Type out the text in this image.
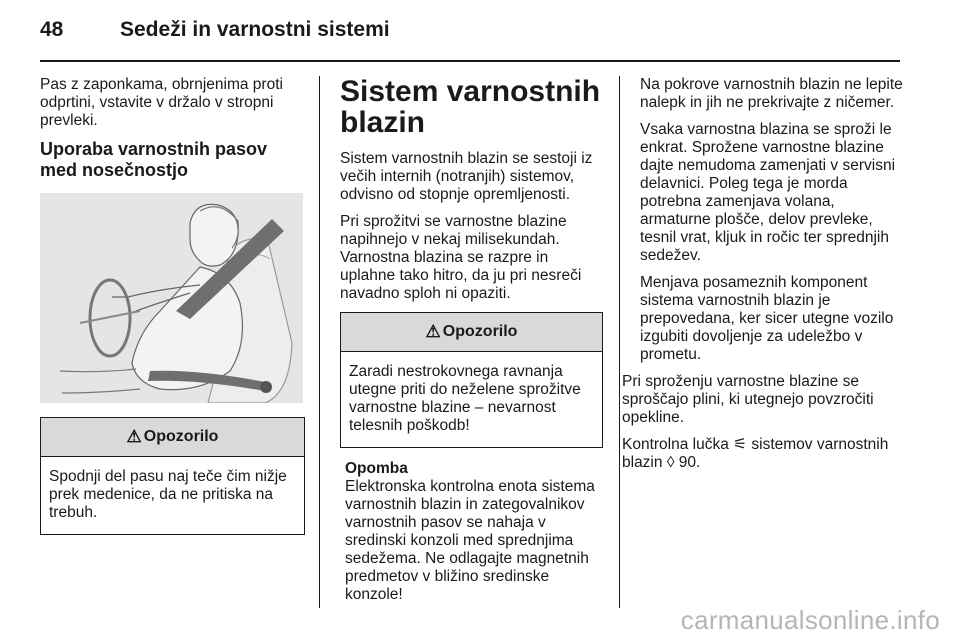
48	Sedeži in varnostni sistemi

Pas z zaponkama, obrnjenima proti odprtini, vstavite v držalo v stropni prevleki.

Uporaba varnostnih pasov med nosečnostjo
⚠ Opozorilo
Spodnji del pasu naj teče čim nižje prek medenice, da ne pritiska na trebuh.
Sistem varnostnih blazin

Sistem varnostnih blazin se sestoji iz večih internih (notranjih) sistemov, odvisno od stopnje opremljenosti.

Pri sprožitvi se varnostne blazine napihnejo v nekaj milisekundah. Varnostna blazina se razpre in uplahne tako hitro, da ju pri nesreči navadno sploh ni opaziti.

⚠ Opozorilo
Zaradi nestrokovnega ravnanja utegne priti do neželene sprožitve varnostne blazine – nevarnost telesnih poškodb!
Opomba
Elektronska kontrolna enota sistema varnostnih blazin in zategovalnikov varnostnih pasov se nahaja v sredinski konzoli med sprednjima sedežema. Ne odlagajte magnetnih predmetov v bližino sredinske konzole!

Na pokrove varnostnih blazin ne lepite nalepk in jih ne prekrivajte z ničemer.

Vsaka varnostna blazina se sproži le enkrat. Sprožene varnostne blazine dajte nemudoma zamenjati v servisni delavnici. Poleg tega je morda potrebna zamenjava volana, armaturne plošče, delov prevleke, tesnil vrat, kljuk in ročic ter sprednjih sedežev.

Menjava posameznih komponent sistema varnostnih blazin je prepovedana, ker sicer utegne vozilo izgubiti dovoljenje za udeležbo v prometu.

Pri sproženju varnostne blazine se sproščajo plini, ki utegnejo povzročiti opekline.

Kontrolna lučka ⚟ sistemov varnostnih blazin ◊ 90.

carmanualsonline.info
